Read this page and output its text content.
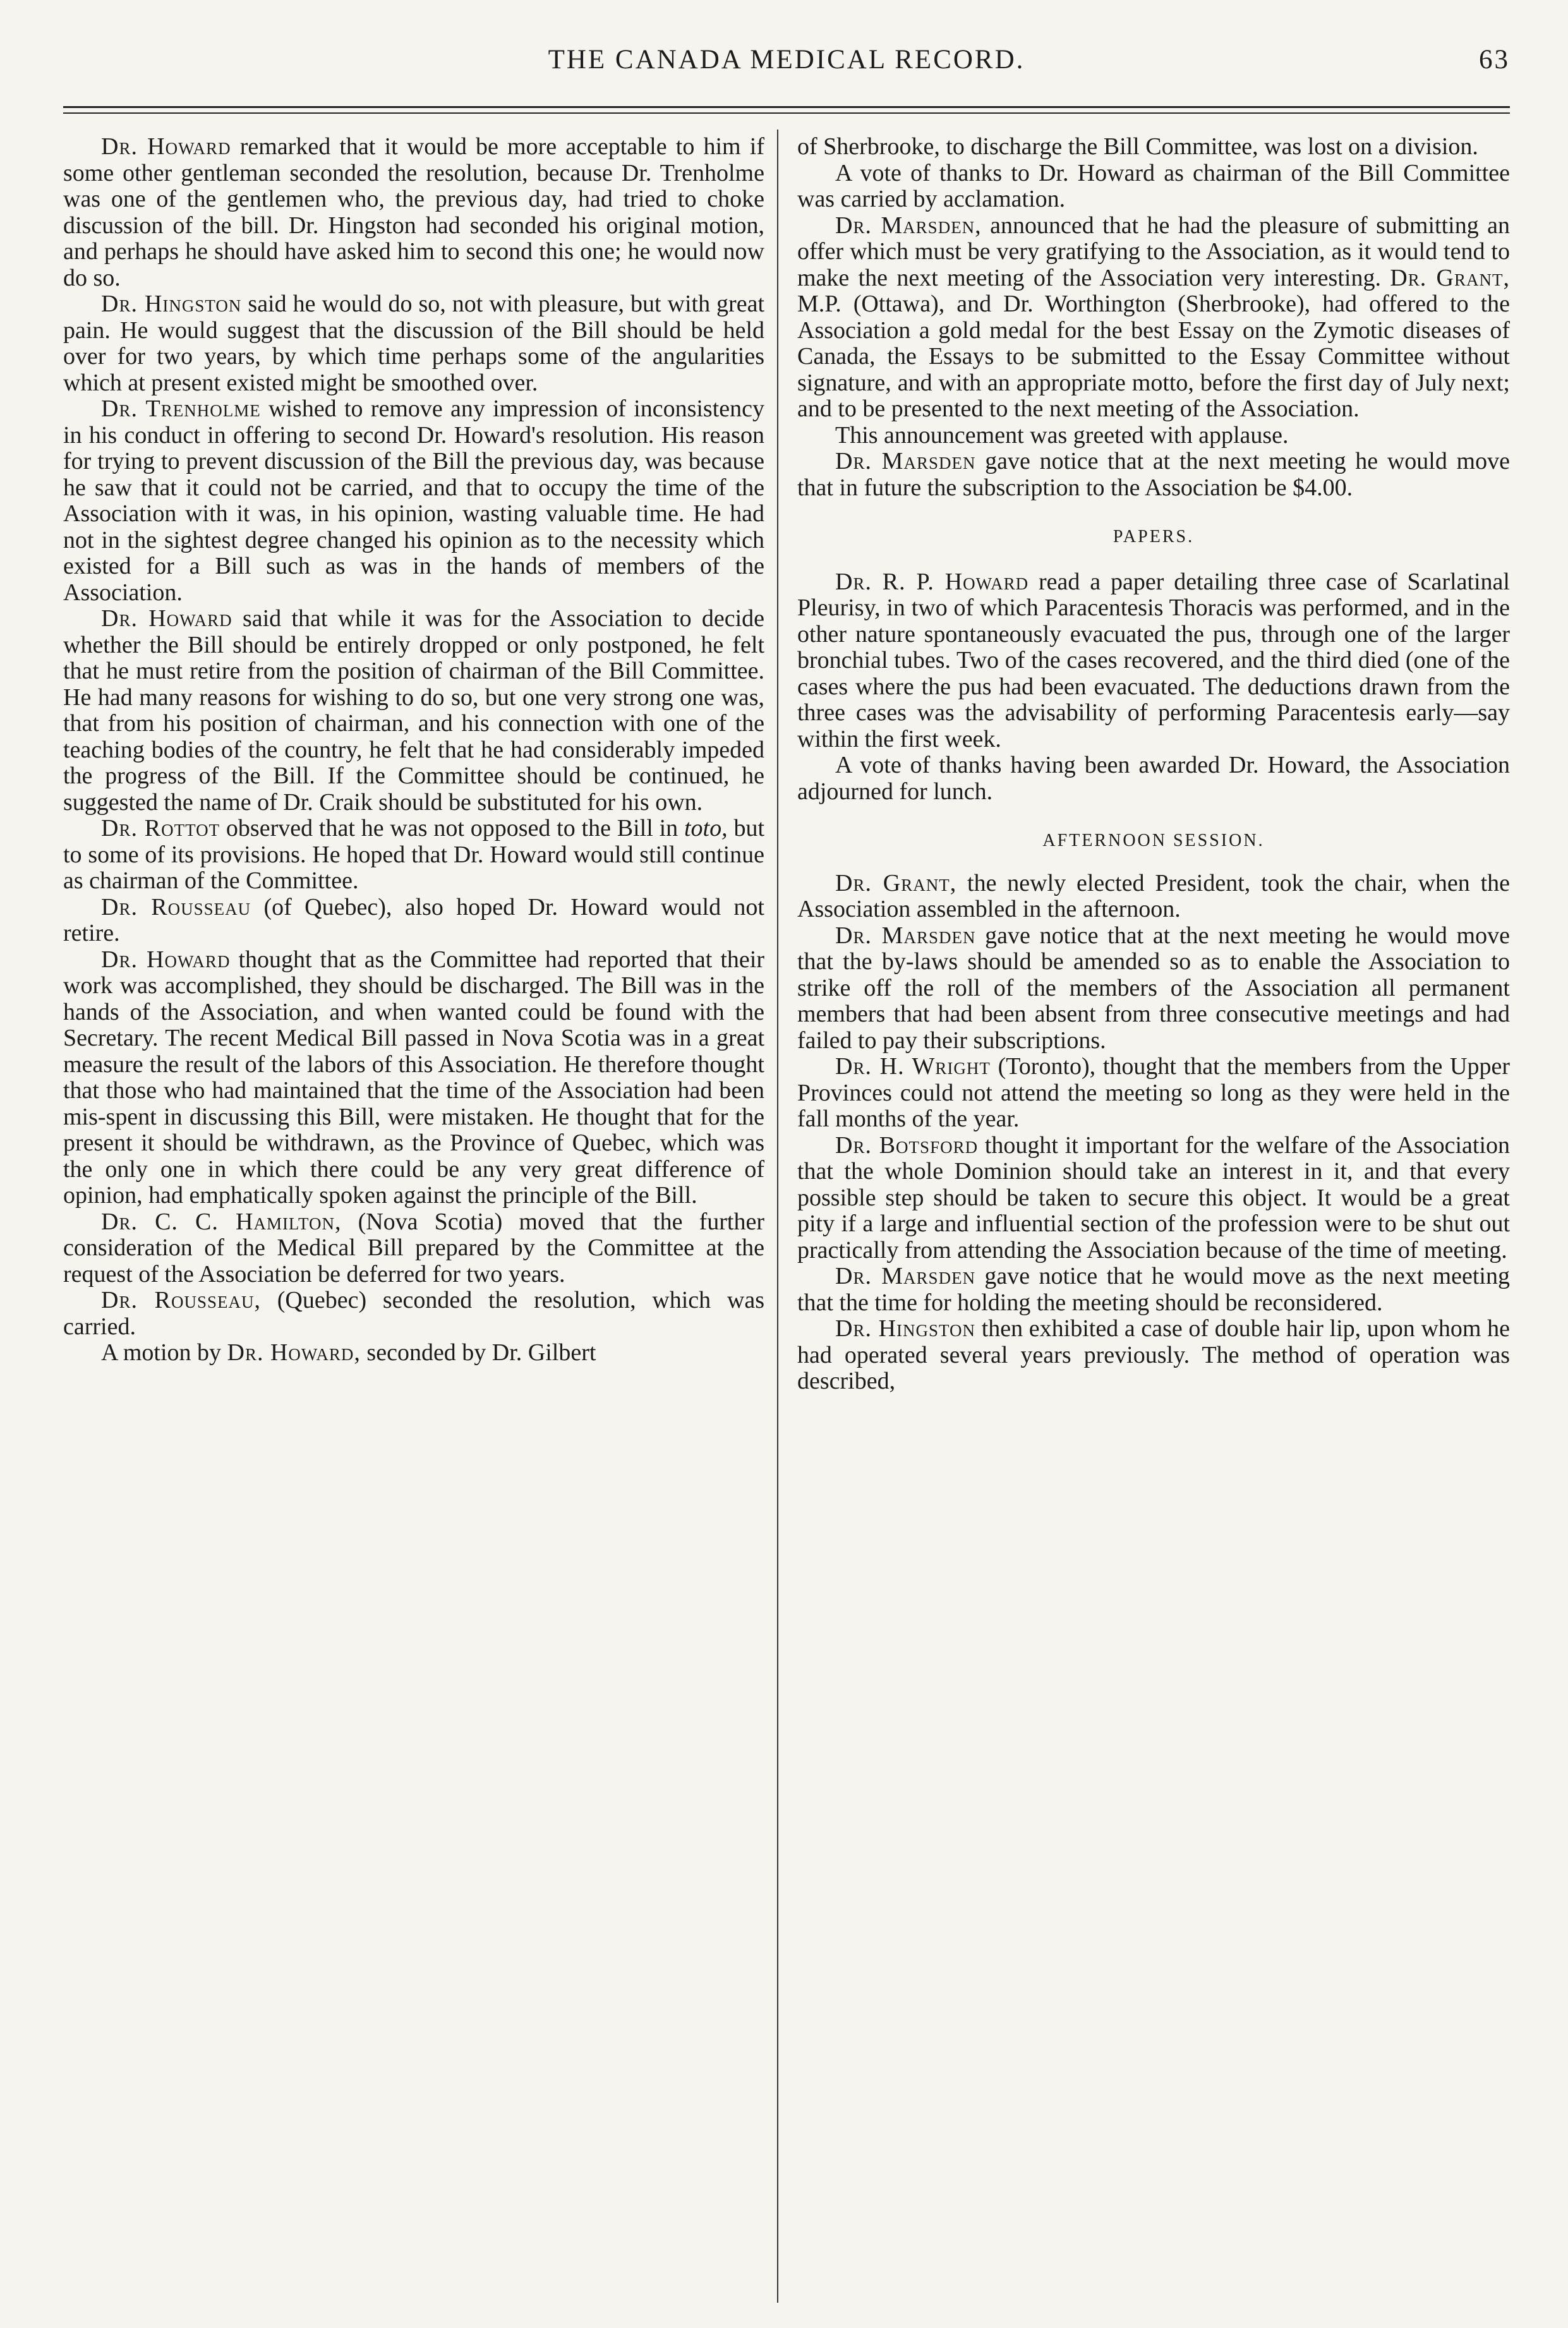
THE CANADA MEDICAL RECORD.	63

Dr. Howard remarked that it would be more acceptable to him if some other gentleman seconded the resolution, because Dr. Trenholme was one of the gentlemen who, the previous day, had tried to choke discussion of the bill. Dr. Hingston had seconded his original motion, and perhaps he should have asked him to second this one; he would now do so.

Dr. Hingston said he would do so, not with pleasure, but with great pain. He would suggest that the discussion of the Bill should be held over for two years, by which time perhaps some of the angularities which at present existed might be smoothed over.

Dr. Trenholme wished to remove any impression of inconsistency in his conduct in offering to second Dr. Howard's resolution. His reason for trying to prevent discussion of the Bill the previous day, was because he saw that it could not be carried, and that to occupy the time of the Association with it was, in his opinion, wasting valuable time. He had not in the sightest degree changed his opinion as to the necessity which existed for a Bill such as was in the hands of members of the Association.

Dr. Howard said that while it was for the Association to decide whether the Bill should be entirely dropped or only postponed, he felt that he must retire from the position of chairman of the Bill Committee. He had many reasons for wishing to do so, but one very strong one was, that from his position of chairman, and his connection with one of the teaching bodies of the country, he felt that he had considerably impeded the progress of the Bill. If the Committee should be continued, he suggested the name of Dr. Craik should be substituted for his own.

Dr. Rottot observed that he was not opposed to the Bill in toto, but to some of its provisions. He hoped that Dr. Howard would still continue as chairman of the Committee.

Dr. Rousseau (of Quebec), also hoped Dr. Howard would not retire.

Dr. Howard thought that as the Committee had reported that their work was accomplished, they should be discharged. The Bill was in the hands of the Association, and when wanted could be found with the Secretary. The recent Medical Bill passed in Nova Scotia was in a great measure the result of the labors of this Association. He therefore thought that those who had maintained that the time of the Association had been mis-spent in discussing this Bill, were mistaken. He thought that for the present it should be withdrawn, as the Province of Quebec, which was the only one in which there could be any very great difference of opinion, had emphatically spoken against the principle of the Bill.

Dr. C. C. Hamilton, (Nova Scotia) moved that the further consideration of the Medical Bill prepared by the Committee at the request of the Association be deferred for two years.

Dr. Rousseau, (Quebec) seconded the resolution, which was carried.

A motion by Dr. Howard, seconded by Dr. Gilbert

of Sherbrooke, to discharge the Bill Committee, was lost on a division.

A vote of thanks to Dr. Howard as chairman of the Bill Committee was carried by acclamation.

Dr. Marsden, announced that he had the pleasure of submitting an offer which must be very gratifying to the Association, as it would tend to make the next meeting of the Association very interesting. Dr. Grant, M.P. (Ottawa), and Dr. Worthington (Sherbrooke), had offered to the Association a gold medal for the best Essay on the Zymotic diseases of Canada, the Essays to be submitted to the Essay Committee without signature, and with an appropriate motto, before the first day of July next; and to be presented to the next meeting of the Association.

This announcement was greeted with applause.

Dr. Marsden gave notice that at the next meeting he would move that in future the subscription to the Association be $4.00.

PAPERS.

Dr. R. P. Howard read a paper detailing three case of Scarlatinal Pleurisy, in two of which Paracentesis Thoracis was performed, and in the other nature spontaneously evacuated the pus, through one of the larger bronchial tubes. Two of the cases recovered, and the third died (one of the cases where the pus had been evacuated. The deductions drawn from the three cases was the advisability of performing Paracentesis early—say within the first week.

A vote of thanks having been awarded Dr. Howard, the Association adjourned for lunch.

AFTERNOON SESSION.

Dr. Grant, the newly elected President, took the chair, when the Association assembled in the afternoon.

Dr. Marsden gave notice that at the next meeting he would move that the by-laws should be amended so as to enable the Association to strike off the roll of the members of the Association all permanent members that had been absent from three consecutive meetings and had failed to pay their subscriptions.

Dr. H. Wright (Toronto), thought that the members from the Upper Provinces could not attend the meeting so long as they were held in the fall months of the year.

Dr. Botsford thought it important for the welfare of the Association that the whole Dominion should take an interest in it, and that every possible step should be taken to secure this object. It would be a great pity if a large and influential section of the profession were to be shut out practically from attending the Association because of the time of meeting.

Dr. Marsden gave notice that he would move as the next meeting that the time for holding the meeting should be reconsidered.

Dr. Hingston then exhibited a case of double hair lip, upon whom he had operated several years previously. The method of operation was described,
